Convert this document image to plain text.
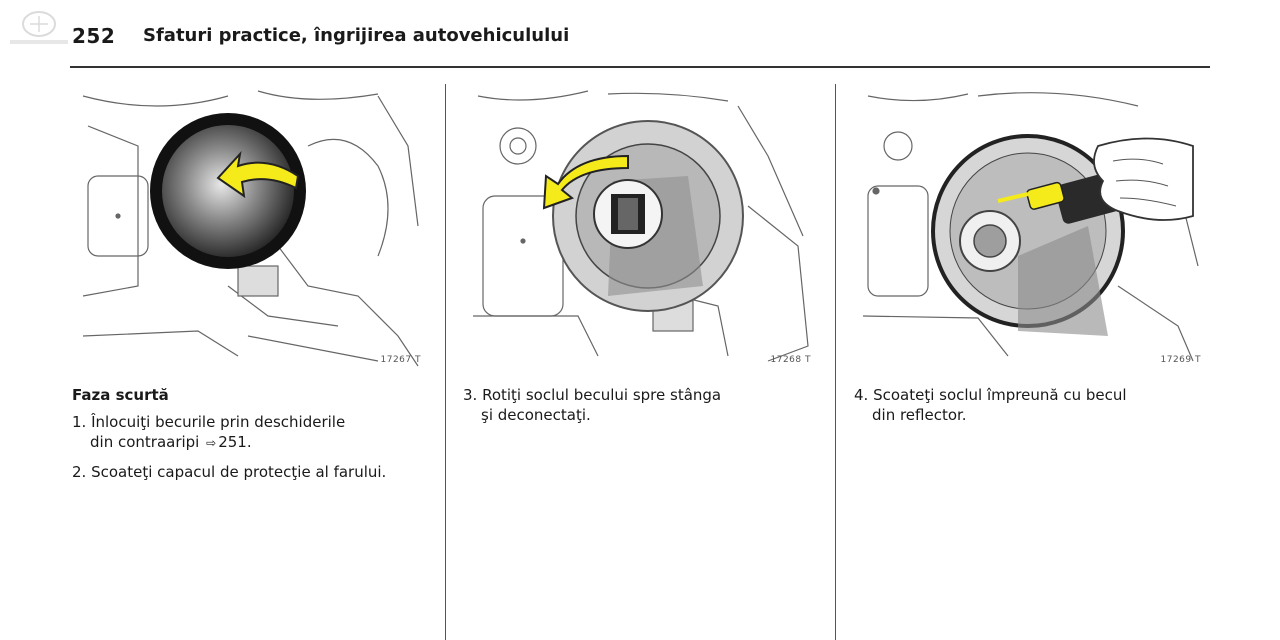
252 Sfaturi practice, îngrijirea autovehiculului
17267 T	17268 T	17269 T
Faza scurtă
1. Înlocuiţi becurile prin deschiderile
din contraaripi ⇨ 251.
2. Scoateţi capacul de protecţie al farului.
3. Rotiţi soclul becului spre stânga
şi deconectaţi.
4. Scoateţi soclul împreună cu becul
din reflector.
